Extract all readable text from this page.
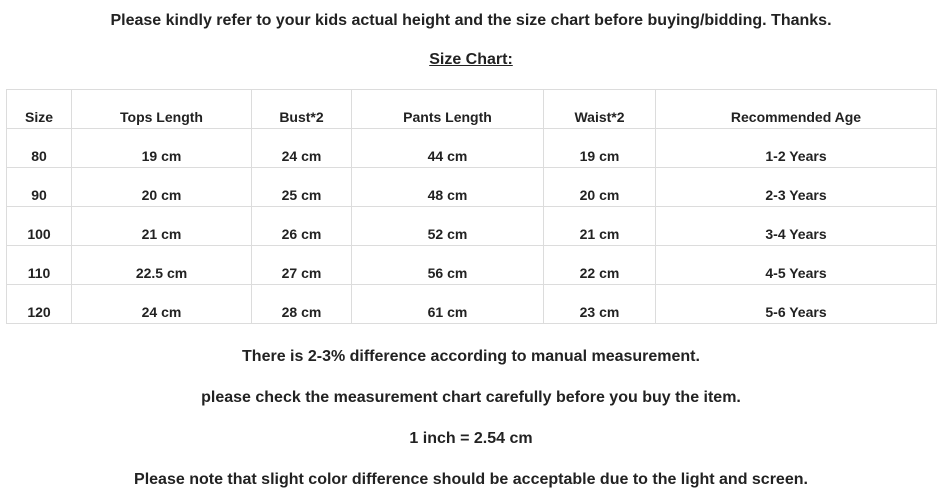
Please kindly refer to your kids actual height and the size chart before buying/bidding. Thanks.
Size Chart:
Size	Tops Length	Bust*2	Pants Length	Waist*2	Recommended Age
80	19 cm	24 cm	44 cm	19 cm	1-2 Years
90	20 cm	25 cm	48 cm	20 cm	2-3 Years
100	21 cm	26 cm	52 cm	21 cm	3-4 Years
110	22.5 cm	27 cm	56 cm	22 cm	4-5 Years
120	24 cm	28 cm	61 cm	23 cm	5-6 Years
There is 2-3% difference according to manual measurement.
please check the measurement chart carefully before you buy the item.
1 inch = 2.54 cm
Please note that slight color difference should be acceptable due to the light and screen.
